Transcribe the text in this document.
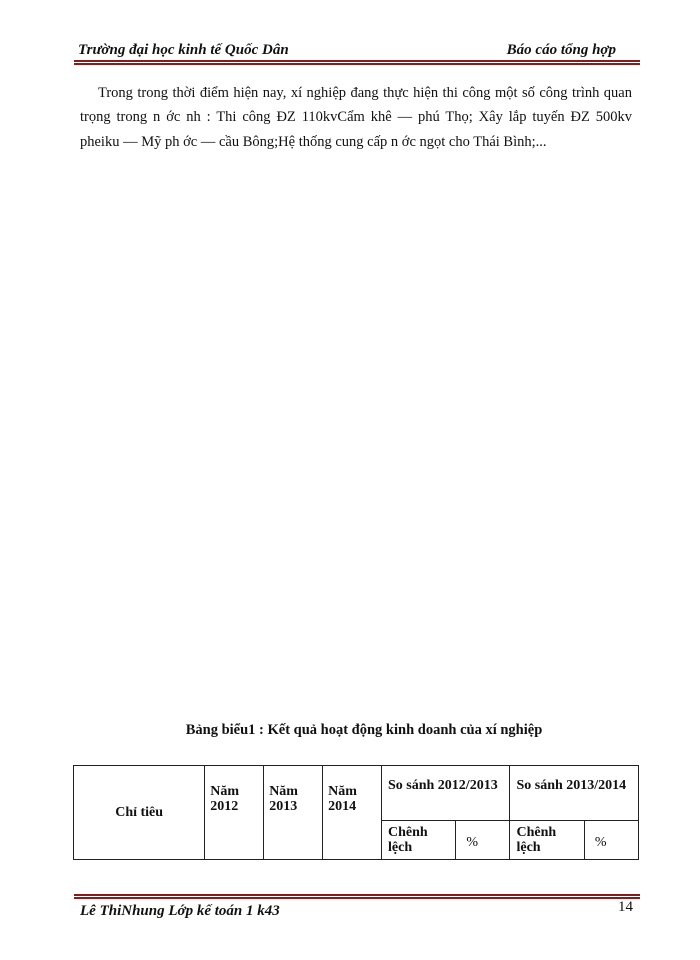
Trường đại học kinh tế Quốc Dân	Báo cáo tổng hợp

Trong trong thời điểm hiện nay, xí nghiệp đang thực hiện thi công một số công trình quan trọng trong n ớc nh : Thi công ĐZ 110kvCẩm khê — phú Thọ; Xây lắp tuyến ĐZ 500kv pheiku — Mỹ ph ớc — cầu Bông;Hệ thống cung cấp n ớc ngọt cho Thái Bình;...

Bảng biểu1 : Kết quả hoạt động kinh doanh của xí nghiệp
Chỉ tiêu	Năm 2012	Năm 2013	Năm 2014	So sánh 2012/2013		So sánh 2013/2014	
				Chênh lệch	%	Chênh lệch	%
Lê ThiNhung Lớp kế toán 1 k43	14
